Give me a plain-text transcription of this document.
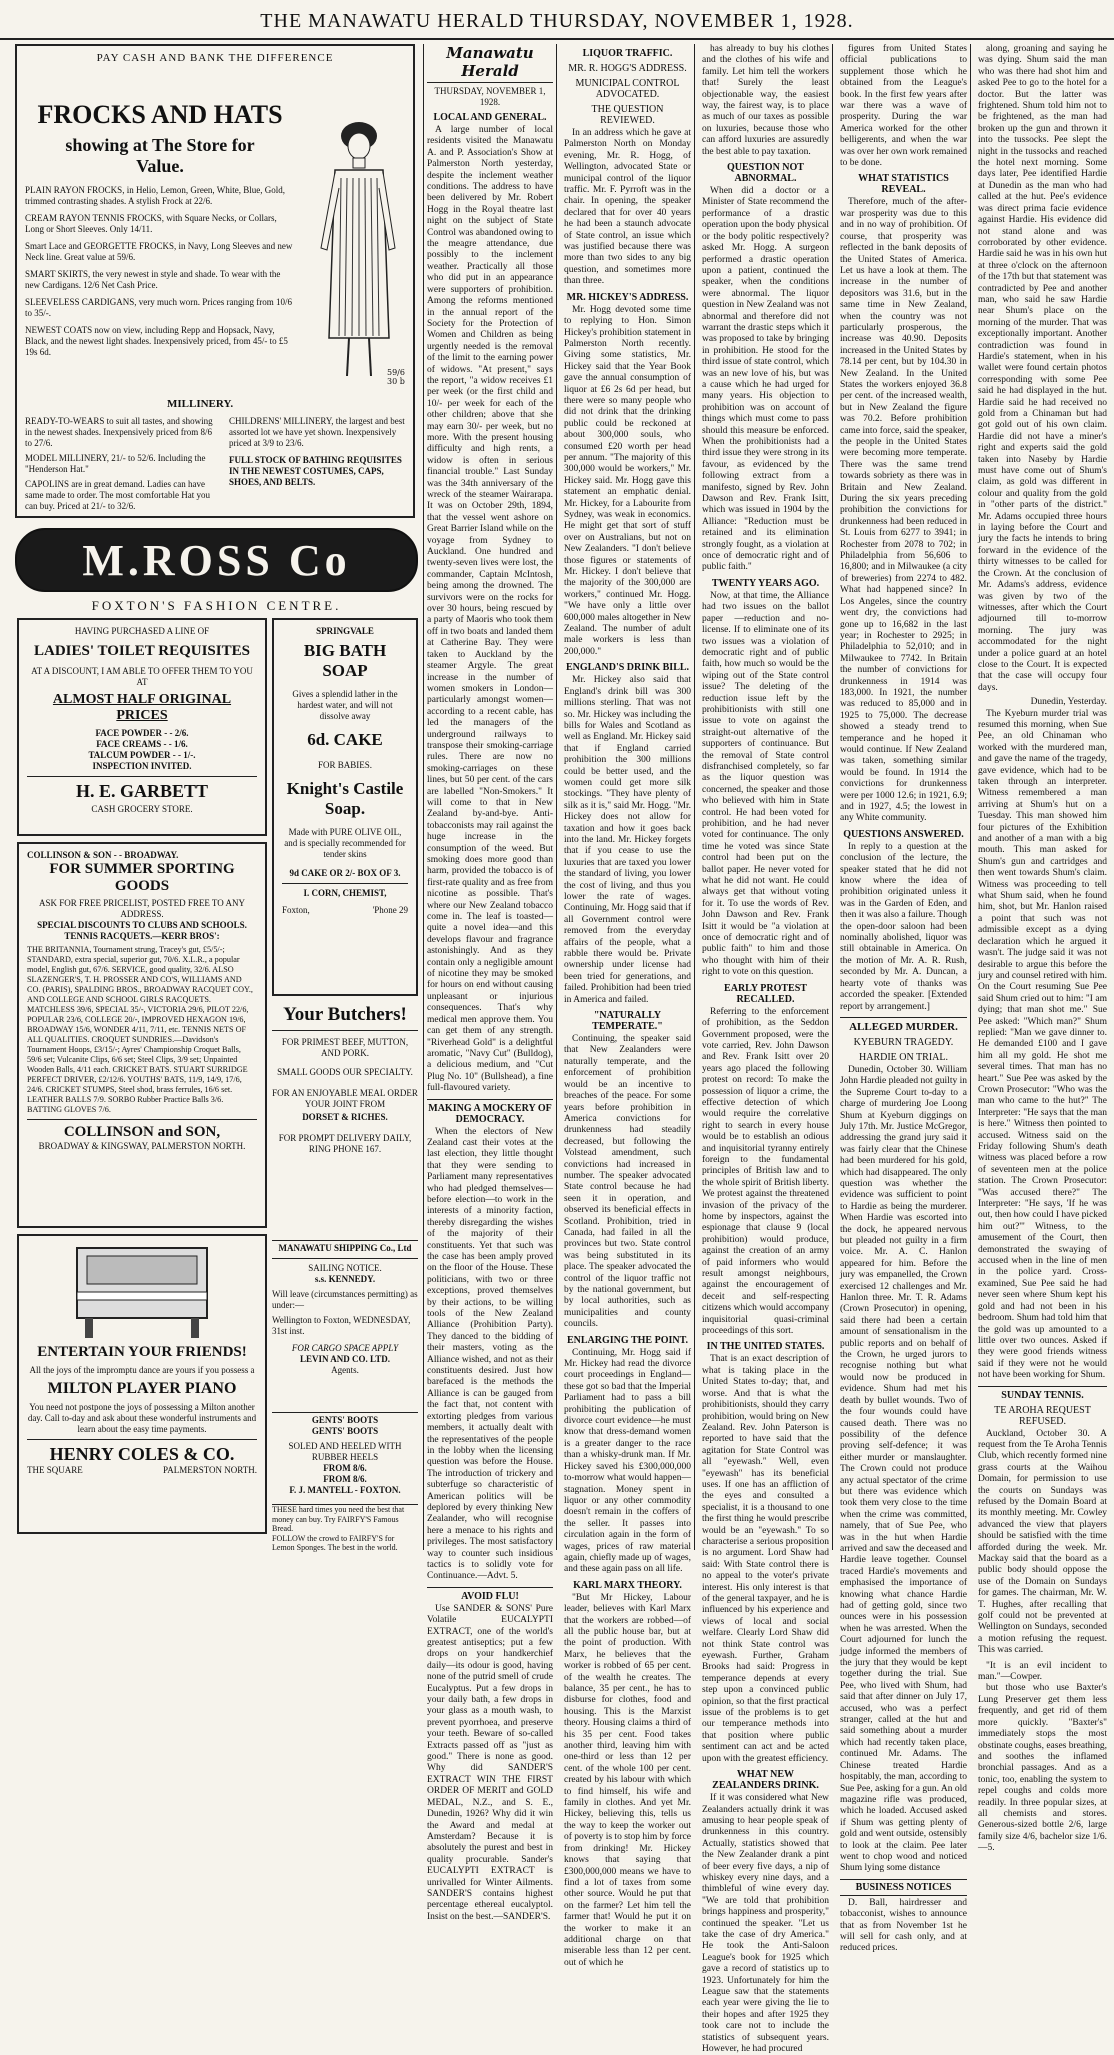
THE MANAWATU HERALD THURSDAY, NOVEMBER 1, 1928.
PAY CASH AND BANK THE DIFFERENCE
FROCKS AND HATS
showing at The Store for
Value.

PLAIN RAYON FROCKS, in Helio, Lemon, Green, White, Blue, Gold, trimmed contrasting shades. A stylish Frock at 22/6.

CREAM RAYON TENNIS FROCKS, with Square Necks, or Collars, Long or Short Sleeves. Only 14/11.

Smart Lace and GEORGETTE FROCKS, in Navy, Long Sleeves and new Neck line. Great value at 59/6.

SMART SKIRTS, the very newest in style and shade. To wear with the new Cardigans. 12/6 Net Cash Price.

SLEEVELESS CARDIGANS, very much worn. Prices ranging from 10/6 to 35/-.

NEWEST COATS now on view, including Repp and Hopsack, Navy, Black, and the newest light shades. Inexpensively priced, from 45/- to £5 19s 6d.

59/6 30 b
MILLINERY.

READY-TO-WEARS to suit all tastes, and showing in the newest shades. Inexpensively priced from 8/6 to 27/6.

MODEL MILLINERY, 21/- to 52/6. Including the "Henderson Hat."

CAPOLINS are in great demand. Ladies can have same made to order. The most comfortable Hat you can buy. Priced at 21/- to 32/6.

CHILDRENS' MILLINERY, the largest and best assorted lot we have yet shown. Inexpensively priced at 3/9 to 23/6.

FULL STOCK OF BATHING REQUISITES IN THE NEWEST COSTUMES, CAPS, SHOES, AND BELTS.

M.ROSS Co
FOXTON'S FASHION CENTRE.
HAVING PURCHASED A LINE OF
LADIES' TOILET REQUISITES
AT A DISCOUNT, I AM ABLE TO OFFER THEM TO YOU AT
ALMOST HALF ORIGINAL PRICES
FACE POWDER - - 2/6.
FACE CREAMS - - 1/6.
TALCUM POWDER - - 1/-.
INSPECTION INVITED.
H. E. GARBETT
CASH GROCERY STORE.
COLLINSON & SON - - BROADWAY.
FOR SUMMER SPORTING GOODS
ASK FOR FREE PRICELIST, POSTED FREE TO ANY ADDRESS.
SPECIAL DISCOUNTS TO CLUBS AND SCHOOLS.
TENNIS RACQUETS.—KERR BROS':

THE BRITANNIA, Tournament strung, Tracey's gut, £5/5/-; STANDARD, extra special, superior gut, 70/6. X.L.R., a popular model, English gut, 67/6. SERVICE, good quality, 32/6. ALSO SLAZENGER'S, T. H. PROSSER AND CO'S, WILLIAMS AND CO. (PARIS), SPALDING BROS., BROADWAY RACQUET COY., AND COLLEGE AND SCHOOL GIRLS RACQUETS. MATCHLESS 39/6, SPECIAL 35/-, VICTORIA 29/6, PILOT 22/6, POPULAR 23/6, COLLEGE 20/-, IMPROVED HEXAGON 19/6, BROADWAY 15/6, WONDER 4/11, 7/11, etc. TENNIS NETS OF ALL QUALITIES. CROQUET SUNDRIES.—Davidson's Tournament Hoops, £3/15/-; Ayres' Championship Croquet Balls, 59/6 set; Vulcanite Clips, 6/6 set; Steel Clips, 3/9 set; Unpainted Wooden Balls, 4/11 each. CRICKET BATS. STUART SURRIDGE PERFECT DRIVER, £2/12/6. YOUTHS' BATS, 11/9, 14/9, 17/6, 24/6. CRICKET STUMPS, Steel shod, brass ferrules, 16/6 set. LEATHER BALLS 7/9. SORBO Rubber Practice Balls 3/6. BATTING GLOVES 7/6.

COLLINSON and SON,
BROADWAY & KINGSWAY, PALMERSTON NORTH.
ENTERTAIN YOUR FRIENDS!
All the joys of the impromptu dance are yours if you possess a
MILTON PLAYER PIANO
You need not postpone the joys of possessing a Milton another day. Call to-day and ask about these wonderful instruments and learn about the easy time payments.
HENRY COLES & CO.
THE SQUARE	PALMERSTON NORTH.
SPRINGVALE
BIG BATH SOAP
Gives a splendid lather in the hardest water, and will not dissolve away
6d. CAKE
FOR BABIES.
Knight's Castile Soap.
Made with PURE OLIVE OIL, and is specially recommended for tender skins
9d CAKE OR 2/- BOX OF 3.
I. CORN, CHEMIST,
Foxton,	'Phone 29
Your Butchers!
FOR PRIMEST BEEF, MUTTON, AND PORK.
SMALL GOODS OUR SPECIALTY.
FOR AN ENJOYABLE MEAL ORDER YOUR JOINT FROM
DORSET & RICHES.
FOR PROMPT DELIVERY DAILY, RING PHONE 167.
MANAWATU SHIPPING Co., Ltd
SAILING NOTICE.
s.s. KENNEDY.
Will leave (circumstances permitting) as under:—
Wellington to Foxton, WEDNESDAY, 31st inst.
FOR CARGO SPACE APPLY
LEVIN AND CO. LTD.
Agents.
GENTS' BOOTS
GENTS' BOOTS
SOLED AND HEELED WITH RUBBER HEELS
FROM 8/6.
FROM 8/6.
F. J. MANTELL - FOXTON.

THESE hard times you need the best that money can buy. Try FAIRFY'S Famous Bread.

FOLLOW the crowd to FAIRFY'S for Lemon Sponges. The best in the world.

Manawatu Herald
THURSDAY, NOVEMBER 1, 1928.
LOCAL AND GENERAL.

A large number of local residents visited the Manawatu A. and P. Association's Show at Palmerston North yesterday, despite the inclement weather conditions. The address to have been delivered by Mr. Robert Hogg in the Royal theatre last night on the subject of State Control was abandoned owing to the meagre attendance, due possibly to the inclement weather. Practically all those who did put in an appearance were supporters of prohibition. Among the reforms mentioned in the annual report of the Society for the Protection of Women and Children as being urgently needed is the removal of the limit to the earning power of widows. "At present," says the report, "a widow receives £1 per week (or the first child and 10/- per week for each of the other children; above that she may earn 30/- per week, but no more. With the present housing difficulty and high rents, a widow is often in serious financial trouble." Last Sunday was the 34th anniversary of the wreck of the steamer Wairarapa. It was on October 29th, 1894, that the vessel went ashore on Great Barrier Island while on the voyage from Sydney to Auckland. One hundred and twenty-seven lives were lost, the commander, Captain McIntosh, being among the drowned. The survivors were on the rocks for over 30 hours, being rescued by a party of Maoris who took them off in two boats and landed them at Catherine Bay. They were taken to Auckland by the steamer Argyle. The great increase in the number of women smokers in London—particularly amongst women—according to a recent cable, has led the managers of the underground railways to transpose their smoking-carriage rules. There are now no smoking-carriages on these lines, but 50 per cent. of the cars are labelled "Non-Smokers." It will come to that in New Zealand by-and-bye. Anti-tobacconists may rail against the huge increase in the consumption of the weed. But smoking does more good than harm, provided the tobacco is of first-rate quality and as free from nicotine as possible. That's where our New Zealand tobacco come in. The leaf is toasted—quite a novel idea—and this develops flavour and fragrance astonishingly. And as they contain only a negligible amount of nicotine they may be smoked for hours on end without causing unpleasant or injurious consequences. That's why medical men approve them. You can get them of any strength. "Riverhead Gold" is a delightful aromatic, "Navy Cut" (Bulldog), a delicious medium, and "Cut Plug No. 10" (Bullshead), a fine full-flavoured variety.

MAKING A MOCKERY OF DEMOCRACY.

When the electors of New Zealand cast their votes at the last election, they little thought that they were sending to Parliament many representatives who had pledged themselves—before election—to work in the interests of a minority faction, thereby disregarding the wishes of the majority of their constituents. Yet that such was the case has been amply proved on the floor of the House. These politicians, with two or three exceptions, proved themselves by their actions, to be willing tools of the New Zealand Alliance (Prohibition Party). They danced to the bidding of their masters, voting as the Alliance wished, and not as their constituents desired. Just how barefaced is the methods the Alliance is can be gauged from the fact that, not content with extorting pledges from various members, it actually dealt with the representatives of the people in the lobby when the licensing question was before the House. The introduction of trickery and subterfuge so characteristic of American politics will be deplored by every thinking New Zealander, who will recognise here a menace to his rights and privileges. The most satisfactory way to counter such insidious tactics is to solidly vote for Continuance.—Advt. 5.

AVOID FLU!

Use SANDER & SONS' Pure Volatile EUCALYPTI EXTRACT, one of the world's greatest antiseptics; put a few drops on your handkerchief daily—its odour is good, having none of the putrid smell of crude Eucalyptus. Put a few drops in your daily bath, a few drops in your glass as a mouth wash, to prevent pyorrhoea, and preserve your teeth. Beware of so-called Extracts passed off as "just as good." There is none as good. Why did SANDER'S EXTRACT WIN THE FIRST ORDER OF MERIT and GOLD MEDAL, N.Z., and S. E., Dunedin, 1926? Why did it win the Award and medal at Amsterdam? Because it is absolutely the purest and best in quality procurable. Sander's EUCALYPTI EXTRACT is unrivalled for Winter Ailments. SANDER'S contains highest percentage ethereal eucalyptol. Insist on the best.—SANDER'S.

LIQUOR TRAFFIC.
MR. R. HOGG'S ADDRESS.
MUNICIPAL CONTROL ADVOCATED.
THE QUESTION REVIEWED.

In an address which he gave at Palmerston North on Monday evening, Mr. R. Hogg, of Wellington, advocated State or municipal control of the liquor traffic. Mr. F. Pyrroft was in the chair. In opening, the speaker declared that for over 40 years he had been a staunch advocate of State control, an issue which was justified because there was more than two sides to any big question, and sometimes more than three.

MR. HICKEY'S ADDRESS.

Mr. Hogg devoted some time to replying to Hon. Simon Hickey's prohibition statement in Palmerston North recently. Giving some statistics, Mr. Hickey said that the Year Book gave the annual consumption of liquor at £6 2s 6d per head, but there were so many people who did not drink that the drinking public could be reckoned at about 300,000 souls, who consumed £20 worth per head per annum. "The majority of this 300,000 would be workers," Mr. Hickey said. Mr. Hogg gave this statement an emphatic denial. Mr. Hickey, for a Labourite from Sydney, was weak in economics. He might get that sort of stuff over on Australians, but not on New Zealanders. "I don't believe those figures or statements of Mr. Hickey. I don't believe that the majority of the 300,000 are workers," continued Mr. Hogg. "We have only a little over 600,000 males altogether in New Zealand. The number of adult male workers is less than 200,000."

ENGLAND'S DRINK BILL.

Mr. Hickey also said that England's drink bill was 300 millions sterling. That was not so. Mr. Hickey was including the bills for Wales and Scotland as well as England. Mr. Hickey said that if England carried prohibition the 300 millions could be better used, and the women could get more silk stockings. "They have plenty of silk as it is," said Mr. Hogg. "Mr. Hickey does not allow for taxation and how it goes back into the land. Mr. Hickey forgets that if you cease to use the luxuries that are taxed you lower the standard of living, you lower the cost of living, and thus you lower the rate of wages. Continuing, Mr. Hogg said that if all Government control were removed from the everyday affairs of the people, what a rabble there would be. Private ownership under license had been tried for generations, and failed. Prohibition had been tried in America and failed.

"NATURALLY TEMPERATE."

Continuing, the speaker said that New Zealanders were naturally temperate, and the enforcement of prohibition would be an incentive to breaches of the peace. For some years before prohibition in America convictions for drunkenness had steadily decreased, but following the Volstead amendment, such convictions had increased in number. The speaker advocated State control because he had seen it in operation, and observed its beneficial effects in Scotland. Prohibition, tried in Canada, had failed in all the provinces but two. State control was being substituted in its place. The speaker advocated the control of the liquor traffic not by the national government, but by local authorities, such as municipalities and county councils.

ENLARGING THE POINT.

Continuing, Mr. Hogg said if Mr. Hickey had read the divorce court proceedings in England—these got so bad that the Imperial Parliament had to pass a bill prohibiting the publication of divorce court evidence—he must know that dress-demand women is a greater danger to the race than a whisky-drunk man. If Mr. Hickey saved his £300,000,000 to-morrow what would happen—stagnation. Money spent in liquor or any other commodity doesn't remain in the coffers of the seller. It passes into circulation again in the form of wages, prices of raw material again, chiefly made up of wages, and these again pass on all life.

KARL MARX THEORY.

"But Mr Hickey, Labour leader, believes with Karl Marx that the workers are robbed—of all the public house bar, but at the point of production. With Marx, he believes that the worker is robbed of 65 per cent. of the wealth he creates. The balance, 35 per cent., he has to disburse for clothes, food and housing. This is the Marxist theory. Housing claims a third of his 35 per cent. Food takes another third, leaving him with one-third or less than 12 per cent. of the whole 100 per cent. created by his labour with which to find himself, his wife and family in clothes. And yet Mr. Hickey, believing this, tells us the way to keep the worker out of poverty is to stop him by force from drinking! Mr. Hickey knows that saying that £300,000,000 means we have to find a lot of taxes from some other source. Would he put that on the farmer? Let him tell the farmer that! Would he put it on the worker to make it an additional charge on that miserable less than 12 per cent. out of which he

has already to buy his clothes and the clothes of his wife and family. Let him tell the workers that! Surely the least objectionable way, the easiest way, the fairest way, is to place as much of our taxes as possible on luxuries, because those who can afford luxuries are assuredly the best able to pay taxation.

QUESTION NOT ABNORMAL.

When did a doctor or a Minister of State recommend the performance of a drastic operation upon the body physical or the body politic respectively? asked Mr. Hogg. A surgeon performed a drastic operation upon a patient, continued the speaker, when the conditions were abnormal. The liquor question in New Zealand was not abnormal and therefore did not warrant the drastic steps which it was proposed to take by bringing in prohibition. He stood for the third issue of state control, which was an new love of his, but was a cause which he had urged for many years. His objection to prohibition was on account of things which must come to pass should this measure be enforced. When the prohibitionists had a third issue they were strong in its favour, as evidenced by the following extract from a manifesto, signed by Rev. John Dawson and Rev. Frank Isitt, which was issued in 1904 by the Alliance: "Reduction must be retained and its elimination strongly fought, as a violation at once of democratic right and of public faith."

TWENTY YEARS AGO.

Now, at that time, the Alliance had two issues on the ballot paper —reduction and no-license. If to eliminate one of its two issues was a violation of democratic right and of public faith, how much so would be the wiping out of the State control issue? The deleting of the reduction issue left by the prohibitionists with still one issue to vote on against the straight-out alternative of the supporters of continuance. But the removal of State control disfranchised completely, so far as the liquor question was concerned, the speaker and those who believed with him in State control. He had been voted for prohibition, and he had never voted for continuance. The only time he voted was since State control had been put on the ballot paper. He never voted for what he did not want. He could always get that without voting for it. To use the words of Rev. John Dawson and Rev. Frank Isitt it would be "a violation at once of democratic right and of public faith" to him and those who thought with him of their right to vote on this question.

EARLY PROTEST RECALLED.

Referring to the enforcement of prohibition, as the Seddon Government proposed, were the vote carried, Rev. John Dawson and Rev. Frank Isitt over 20 years ago placed the following protest on record: To make the possession of liquor a crime, the effective detection of which would require the correlative right to search in every house would be to establish an odious and inquisitorial tyranny entirely foreign to the fundamental principles of British law and to the whole spirit of British liberty. We protest against the threatened invasion of the privacy of the home by inspectors, against the espionage that clause 9 (local prohibition) would produce, against the creation of an army of paid informers who would result amongst neighbours, against the encouragement of deceit and self-respecting citizens which would accompany inquisitorial quasi-criminal proceedings of this sort.

IN THE UNITED STATES.

That is an exact description of what is taking place in the United States to-day; that, and worse. And that is what the prohibitionists, should they carry prohibition, would bring on New Zealand. Rev. John Paterson is reported to have said that the agitation for State Control was all "eyewash." Well, even "eyewash" has its beneficial uses. If one has an affliction of the eyes and consulted a specialist, it is a thousand to one the first thing he would prescribe would be an "eyewash." To so characterise a serious proposition is no argument. Lord Shaw had said: With State control there is no appeal to the voter's private interest. His only interest is that of the general taxpayer, and he is influenced by his experience and views of local and social welfare. Clearly Lord Shaw did not think State control was eyewash. Further, Graham Brooks had said: Progress in temperance depends at every step upon a convinced public opinion, so that the first practical issue of the problems is to get our temperance methods into that position where public sentiment can act and be acted upon with the greatest efficiency.

WHAT NEW ZEALANDERS DRINK.

If it was considered what New Zealanders actually drink it was amusing to hear people speak of drunkenness in this country. Actually, statistics showed that the New Zealander drank a pint of beer every five days, a nip of whiskey every nine days, and a thimbleful of wine every day. "We are told that prohibition brings happiness and prosperity," continued the speaker. "Let us take the case of dry America." He took the Anti-Saloon League's book for 1925 which gave a record of statistics up to 1923. Unfortunately for him the League saw that the statements each year were giving the lie to their hopes and after 1925 they took care not to include the statistics of subsequent years. However, he had procured

figures from United States official publications to supplement those which he obtained from the League's book. In the first few years after war there was a wave of prosperity. During the war America worked for the other belligerents, and when the war was over her own work remained to be done.

WHAT STATISTICS REVEAL.

Therefore, much of the after-war prosperity was due to this and in no way of prohibition. Of course, that prosperity was reflected in the bank deposits of the United States of America. Let us have a look at them. The increase in the number of depositors was 31.6, but in the same time in New Zealand, when the country was not particularly prosperous, the increase was 40.90. Deposits increased in the United States by 78.14 per cent, but by 104.30 in New Zealand. In the United States the workers enjoyed 36.8 per cent. of the increased wealth, but in New Zealand the figure was 70.2. Before prohibition came into force, said the speaker, the people in the United States were becoming more temperate. There was the same trend towards sobriety as there was in Britain and New Zealand. During the six years preceding prohibition the convictions for drunkenness had been reduced in St. Louis from 6277 to 3941; in Rochester from 2078 to 702; in Philadelphia from 56,606 to 16,800; and in Milwaukee (a city of breweries) from 2274 to 482. What had happened since? In Los Angeles, since the country went dry, the convictions had gone up to 16,682 in the last year; in Rochester to 2925; in Philadelphia to 52,010; and in Milwaukee to 7742. In Britain the number of convictions for drunkenness in 1914 was 183,000. In 1921, the number was reduced to 85,000 and in 1925 to 75,000. The decrease showed a steady trend to temperance and he hoped it would continue. If New Zealand was taken, something similar would be found. In 1914 the convictions for drunkenness were per 1000 12.6; in 1921, 6.9; and in 1927, 4.5; the lowest in any White community.

QUESTIONS ANSWERED.

In reply to a question at the conclusion of the lecture, the speaker stated that he did not know where the idea of prohibition originated unless it was in the Garden of Eden, and then it was also a failure. Though the open-door saloon had been nominally abolished, liquor was still obtainable in America. On the motion of Mr. A. R. Rush, seconded by Mr. A. Duncan, a hearty vote of thanks was accorded the speaker. [Extended report by arrangement.]

ALLEGED MURDER.
KYEBURN TRAGEDY.
HARDIE ON TRIAL.

Dunedin, October 30. William John Hardie pleaded not guilty in the Supreme Court to-day to a charge of murdering Joe Loong Shum at Kyeburn diggings on July 17th. Mr. Justice McGregor, addressing the grand jury said it was fairly clear that the Chinese had been murdered for his gold, which had disappeared. The only question was whether the evidence was sufficient to point to Hardie as being the murderer. When Hardie was escorted into the dock, he appeared nervous but pleaded not guilty in a firm voice. Mr. A. C. Hanlon appeared for him. Before the jury was empanelled, the Crown exercised 12 challenges and Mr. Hanlon three. Mr. T. R. Adams (Crown Prosecutor) in opening, said there had been a certain amount of sensationalism in the public reports and on behalf of the Crown, he urged jurors to recognise nothing but what would now be produced in evidence. Shum had met his death by bullet wounds. Two of the four wounds could have caused death. There was no possibility of the defence proving self-defence; it was either murder or manslaughter. The Crown could not produce any actual spectator of the crime but there was evidence which took them very close to the time when the crime was committed, namely, that of Sue Pee, who was in the hut when Hardie arrived and saw the deceased and Hardie leave together. Counsel traced Hardie's movements and emphasised the importance of knowing what chance Hardie had of getting gold, since two ounces were in his possession when he was arrested. When the Court adjourned for lunch the judge informed the members of the jury that they would be kept together during the trial. Sue Pee, who lived with Shum, had said that after dinner on July 17, accused, who was a perfect stranger, called at the hut and said something about a murder which had recently taken place, continued Mr. Adams. The Chinese treated Hardie hospitably, the man, according to Sue Pee, asking for a gun. An old magazine rifle was produced, which he loaded. Accused asked if Shum was getting plenty of gold and went outside, ostensibly to look at the claim. Pee later went to chop wood and noticed Shum lying some distance

BUSINESS NOTICES

D. Ball, hairdresser and tobacconist, wishes to announce that as from November 1st he will sell for cash only, and at reduced prices.

along, groaning and saying he was dying. Shum said the man who was there had shot him and asked Pee to go to the hotel for a doctor. But the latter was frightened. Shum told him not to be frightened, as the man had broken up the gun and thrown it into the tussocks. Pee slept the night in the tussocks and reached the hotel next morning. Some days later, Pee identified Hardie at Dunedin as the man who had called at the hut. Pee's evidence was direct prima facie evidence against Hardie. His evidence did not stand alone and was corroborated by other evidence. Hardie said he was in his own hut at three o'clock on the afternoon of the 17th but that statement was contradicted by Pee and another man, who said he saw Hardie near Shum's place on the morning of the murder. That was exceptionally important. Another contradiction was found in Hardie's statement, when in his wallet were found certain photos corresponding with some Pee said he had displayed in the hut. Hardie said he had received no gold from a Chinaman but had got gold out of his own claim. Hardie did not have a miner's right and experts said the gold taken into Naseby by Hardie must have come out of Shum's claim, as gold was different in colour and quality from the gold in "other parts of the district." Mr. Adams occupied three hours in laying before the Court and jury the facts he intends to bring forward in the evidence of the thirty witnesses to be called for the Crown. At the conclusion of Mr. Adams's address, evidence was given by two of the witnesses, after which the Court adjourned till to-morrow morning. The jury was accommodated for the night under a police guard at an hotel close to the Court. It is expected that the case will occupy four days.

Dunedin, Yesterday.

The Kyeburn murder trial was resumed this morning, when Sue Pee, an old Chinaman who worked with the murdered man, and gave the name of the tragedy, gave evidence, which had to be taken through an interpreter. Witness remembered a man arriving at Shum's hut on a Tuesday. This man showed him four pictures of the Exhibition and another of a man with a big mouth. This man asked for Shum's gun and cartridges and then went towards Shum's claim. Witness was proceeding to tell what Shum said, when he found him, shot, but Mr. Hanlon raised a point that such was not admissible except as a dying declaration which he argued it wasn't. The judge said it was not desirable to argue this before the jury and counsel retired with him. On the Court resuming Sue Pee said Shum cried out to him: "I am dying; that man shot me." Sue Pee asked: "Which man?" Shum replied: "Man we gave dinner to. He demanded £100 and I gave him all my gold. He shot me several times. That man has no heart." Sue Pee was asked by the Crown Prosecutor: "Who was the man who came to the hut?" The Interpreter: "He says that the man is here." Witness then pointed to accused. Witness said on the Friday following Shum's death witness was placed before a row of seventeen men at the police station. The Crown Prosecutor: "Was accused there?" The Interpreter: "He says, 'If he was out, then how could I have picked him out?'" Witness, to the amusement of the Court, then demonstrated the swaying of accused when in the line of men in the police yard. Cross-examined, Sue Pee said he had never seen where Shum kept his gold and had not been in his bedroom. Shum had told him that the gold was up amounted to a little over two ounces. Asked if they were good friends witness said if they were not he would not have been working for Shum.

SUNDAY TENNIS.
TE AROHA REQUEST REFUSED.

Auckland, October 30. A request from the Te Aroha Tennis Club, which recently formed nine grass courts at the Waihou Domain, for permission to use the courts on Sundays was refused by the Domain Board at its monthly meeting. Mr. Cowley advanced the view that players should be satisfied with the time afforded during the week. Mr. Mackay said that the board as a public body should oppose the use of the Domain on Sundays for games. The chairman, Mr. W. T. Hughes, after recalling that golf could not be prevented at Wellington on Sundays, seconded a motion refusing the request. This was carried.

"It is an evil incident to man."—Cowper.

but those who use Baxter's Lung Preserver get them less frequently, and get rid of them more quickly. "Baxter's" immediately stops the most obstinate coughs, eases breathing, and soothes the inflamed bronchial passages. And as a tonic, too, enabling the system to repel coughs and colds more readily. In three popular sizes, at all chemists and stores. Generous-sized bottle 2/6, large family size 4/6, bachelor size 1/6.—5.
